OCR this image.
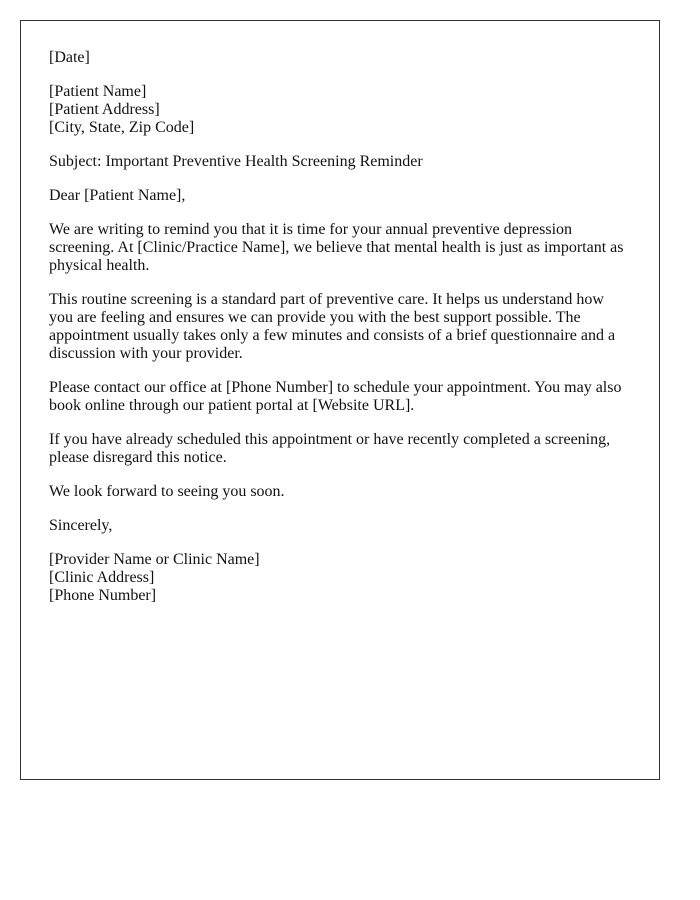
[Date]

[Patient Name]
[Patient Address]
[City, State, Zip Code]

Subject: Important Preventive Health Screening Reminder

Dear [Patient Name],

We are writing to remind you that it is time for your annual preventive depression screening. At [Clinic/Practice Name], we believe that mental health is just as important as physical health.

This routine screening is a standard part of preventive care. It helps us understand how you are feeling and ensures we can provide you with the best support possible. The appointment usually takes only a few minutes and consists of a brief questionnaire and a discussion with your provider.

Please contact our office at [Phone Number] to schedule your appointment. You may also book online through our patient portal at [Website URL].

If you have already scheduled this appointment or have recently completed a screening, please disregard this notice.

We look forward to seeing you soon.

Sincerely,

[Provider Name or Clinic Name]
[Clinic Address]
[Phone Number]
